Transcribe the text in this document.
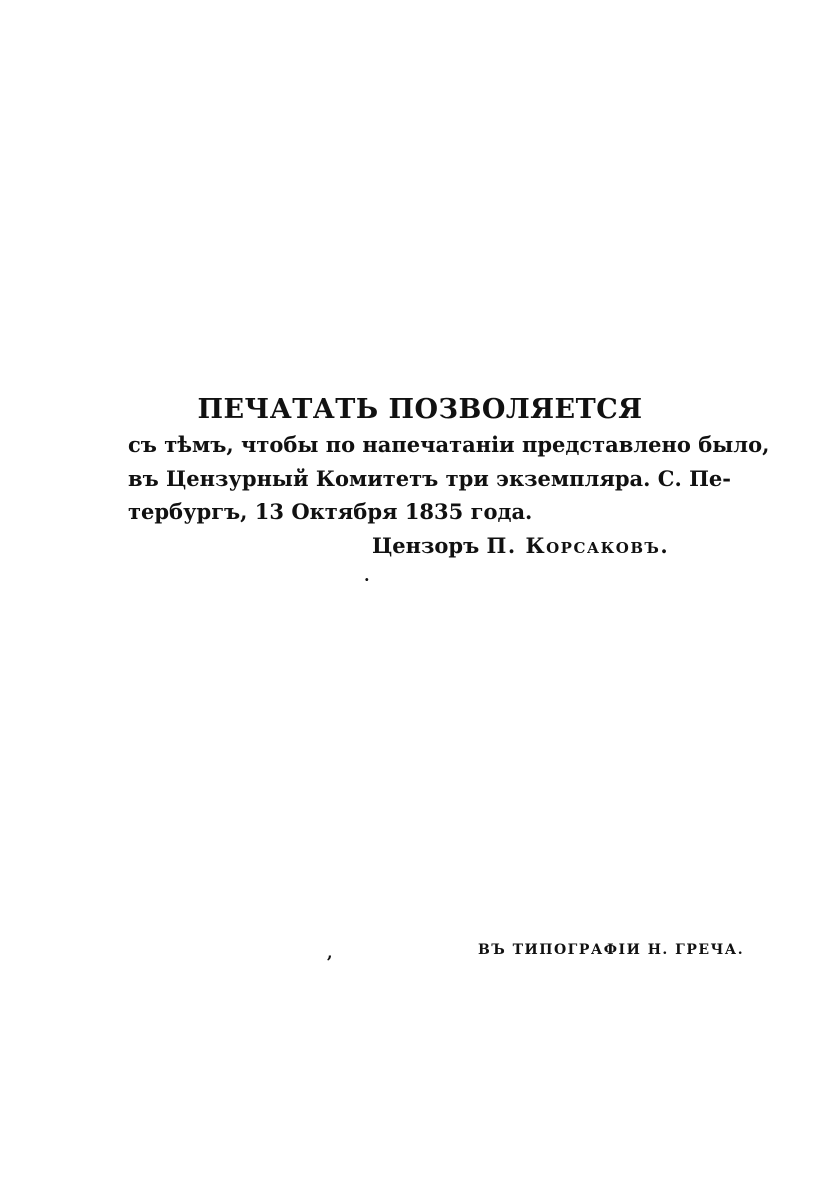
ПЕЧАТАТЬ ПОЗВОЛЯЕТСЯ
съ тѣмъ, чтобы по напечатаніи представлено было,
въ Цензурный Комитетъ три экземпляра. С. Пе-
тербургъ, 13 Октября 1835 года.
Цензоръ П. Корсаковъ.
·
,	ВЪ ТИПОГРАФІИ Н. ГРЕЧА.
